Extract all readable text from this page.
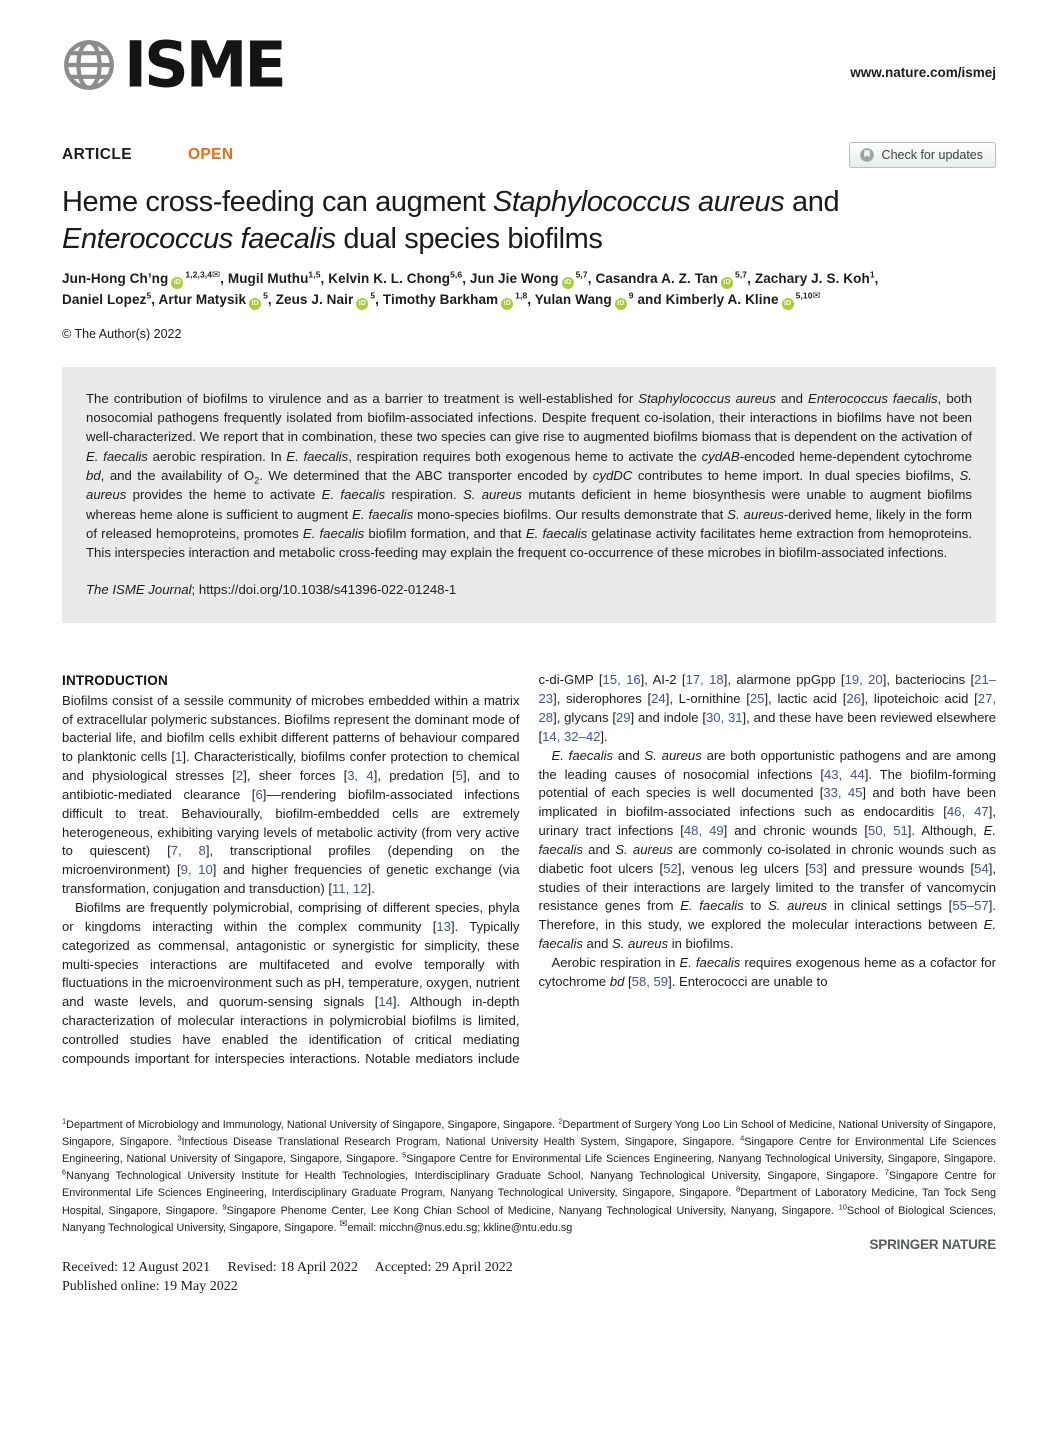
ISME	www.nature.com/ismej
ARTICLE	OPEN	Check for updates
Heme cross-feeding can augment Staphylococcus aureus and
Enterococcus faecalis dual species biofilms
Jun-Hong Ch’ng $iD^{1,2,3,4✉}$, Mugil Muthu$^{1,5}$, Kelvin K. L. Chong$^{5,6}$, Jun Jie Wong iD$^{5,7}$, Casandra A. Z. Tan iD$^{5,7}$, Zachary J. S. Koh$^1$,
Daniel Lopez$^5$, Artur Matysik $iD^5$, Zeus J. Nair $iD^5$, Timothy Barkham iD$^{1,8}$, Yulan Wang $iD^9$ and Kimberly A. Kline $iD^{5,10✉}$
© The Author(s) 2022
The contribution of biofilms to virulence and as a barrier to treatment is well-established for Staphylococcus aureus and Enterococcus faecalis, both nosocomial pathogens frequently isolated from biofilm-associated infections. Despite frequent co-isolation, their interactions in biofilms have not been well-characterized. We report that in combination, these two species can give rise to augmented biofilms biomass that is dependent on the activation of E. faecalis aerobic respiration. In E. faecalis, respiration requires both exogenous heme to activate the cydAB-encoded heme-dependent cytochrome bd, and the availability of $O_2$. We determined that the ABC transporter encoded by cydDC contributes to heme import. In dual species biofilms, S. aureus provides the heme to activate E. faecalis respiration. S. aureus mutants deficient in heme biosynthesis were unable to augment biofilms whereas heme alone is sufficient to augment E. faecalis mono-species biofilms. Our results demonstrate that S. aureus-derived heme, likely in the form of released hemoproteins, promotes E. faecalis biofilm formation, and that E. faecalis gelatinase activity facilitates heme extraction from hemoproteins. This interspecies interaction and metabolic cross-feeding may explain the frequent co-occurrence of these microbes in biofilm-associated infections.
The ISME Journal; https://doi.org/10.1038/s41396-022-01248-1
INTRODUCTION

Biofilms consist of a sessile community of microbes embedded within a matrix of extracellular polymeric substances. Biofilms represent the dominant mode of bacterial life, and biofilm cells exhibit different patterns of behaviour compared to planktonic cells [1]. Characteristically, biofilms confer protection to chemical and physiological stresses [2], sheer forces [3, 4], predation [5], and to antibiotic-mediated clearance [6]––rendering biofilm-associated infections difficult to treat. Behaviourally, biofilm-embedded cells are extremely heterogeneous, exhibiting varying levels of metabolic activity (from very active to quiescent) [7, 8], transcriptional profiles (depending on the microenvironment) [9, 10] and higher frequencies of genetic exchange (via transformation, conjugation and transduction) [11, 12].

Biofilms are frequently polymicrobial, comprising of different species, phyla or kingdoms interacting within the complex community [13]. Typically categorized as commensal, antagonistic or synergistic for simplicity, these multi-species interactions are multifaceted and evolve temporally with fluctuations in the microenvironment such as pH, temperature, oxygen, nutrient and waste levels, and quorum-sensing signals [14]. Although in-depth characterization of molecular interactions in polymicrobial biofilms is limited, controlled studies have enabled the identification of critical mediating compounds important for interspecies interactions. Notable mediators include c-di-GMP [15, 16], AI-2 [17, 18], alarmone ppGpp [19, 20], bacteriocins [21–23], siderophores [24], L-ornithine [25], lactic acid [26], lipoteichoic acid [27, 28], glycans [29] and indole [30, 31], and these have been reviewed elsewhere [14, 32–42].

E. faecalis and S. aureus are both opportunistic pathogens and are among the leading causes of nosocomial infections [43, 44]. The biofilm-forming potential of each species is well documented [33, 45] and both have been implicated in biofilm-associated infections such as endocarditis [46, 47], urinary tract infections [48, 49] and chronic wounds [50, 51]. Although, E. faecalis and S. aureus are commonly co-isolated in chronic wounds such as diabetic foot ulcers [52], venous leg ulcers [53] and pressure wounds [54], studies of their interactions are largely limited to the transfer of vancomycin resistance genes from E. faecalis to S. aureus in clinical settings [55–57]. Therefore, in this study, we explored the molecular interactions between E. faecalis and S. aureus in biofilms.

Aerobic respiration in E. faecalis requires exogenous heme as a cofactor for cytochrome bd [58, 59]. Enterococci are unable to

$^1$Department of Microbiology and Immunology, National University of Singapore, Singapore, Singapore. $^2$Department of Surgery Yong Loo Lin School of Medicine, National University of Singapore, Singapore, Singapore. $^3$Infectious Disease Translational Research Program, National University Health System, Singapore, Singapore. $^4$Singapore Centre for Environmental Life Sciences Engineering, National University of Singapore, Singapore, Singapore. $^5$Singapore Centre for Environmental Life Sciences Engineering, Nanyang Technological University, Singapore, Singapore. $^6$Nanyang Technological University Institute for Health Technologies, Interdisciplinary Graduate School, Nanyang Technological University, Singapore, Singapore. $^7$Singapore Centre for Environmental Life Sciences Engineering, Interdisciplinary Graduate Program, Nanyang Technological University, Singapore, Singapore. $^8$Department of Laboratory Medicine, Tan Tock Seng Hospital, Singapore, Singapore. $^9$Singapore Phenome Center, Lee Kong Chian School of Medicine, Nanyang Technological University, Nanyang, Singapore. $^{10}$School of Biological Sciences, Nanyang Technological University, Singapore, Singapore. ✉email: micchn@nus.edu.sg; kkline@ntu.edu.sg
Received: 12 August 2021 Revised: 18 April 2022 Accepted: 29 April 2022
Published online: 19 May 2022
SPRINGER NATURE
